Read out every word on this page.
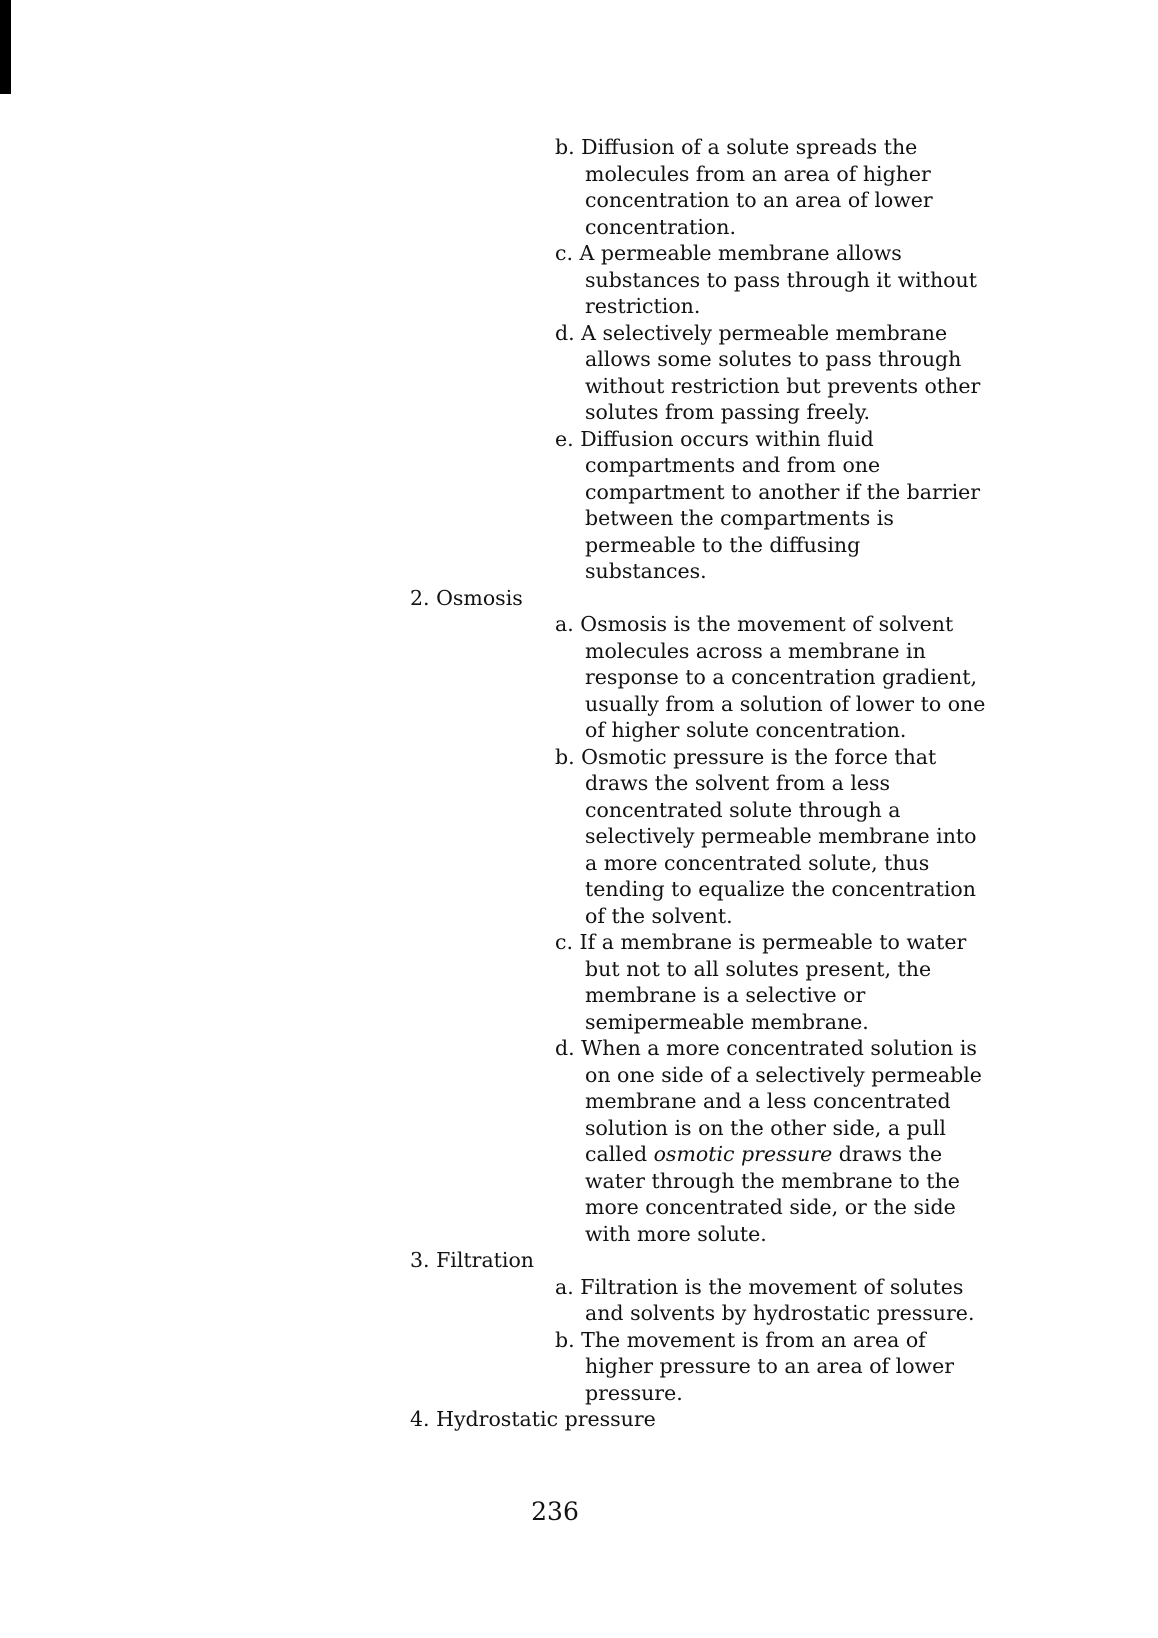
b. Diffusion of a solute spreads the molecules from an area of higher concentration to an area of lower concentration.

c. A permeable membrane allows substances to pass through it without restriction.

d. A selectively permeable membrane allows some solutes to pass through without restriction but prevents other solutes from passing freely.

e. Diffusion occurs within fluid compartments and from one compartment to another if the barrier between the compartments is permeable to the diffusing substances.

2. Osmosis

a. Osmosis is the movement of solvent molecules across a membrane in response to a concentration gradient, usually from a solution of lower to one of higher solute concentration.

b. Osmotic pressure is the force that draws the solvent from a less concentrated solute through a selectively permeable membrane into a more concentrated solute, thus tending to equalize the concentration of the solvent.

c. If a membrane is permeable to water but not to all solutes present, the membrane is a selective or semipermeable membrane.

d. When a more concentrated solution is on one side of a selectively permeable membrane and a less concentrated solution is on the other side, a pull called osmotic pressure draws the water through the membrane to the more concentrated side, or the side with more solute.

3. Filtration

a. Filtration is the movement of solutes and solvents by hydrostatic pressure.

b. The movement is from an area of higher pressure to an area of lower pressure.

4. Hydrostatic pressure

236
